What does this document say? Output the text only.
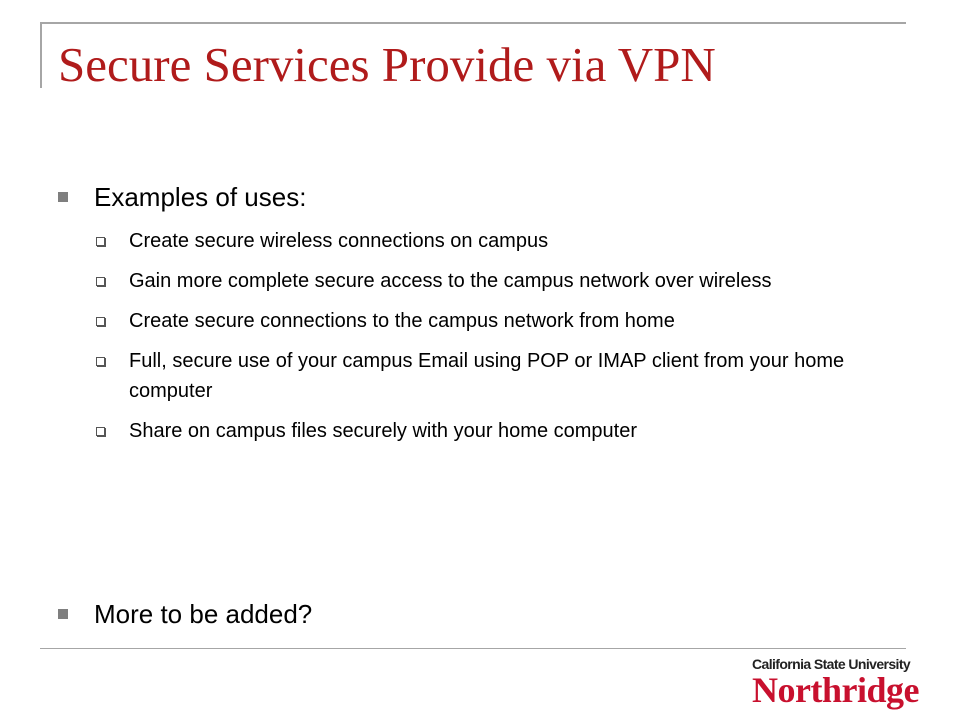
Secure Services Provide via VPN
Examples of uses:
Create secure wireless connections on campus
Gain more complete secure access to the campus network over wireless
Create secure connections to the campus network from home
Full, secure use of your campus Email using POP or IMAP client from your home computer
Share on campus files securely with your home computer
More to be added?
California State University
Northridge
